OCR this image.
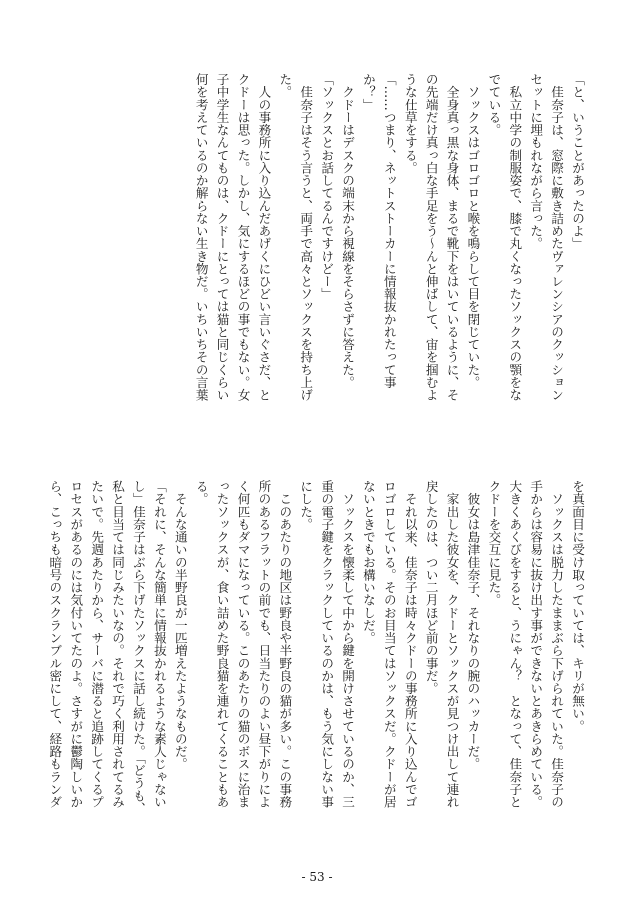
「と、いうことがあったのよ」
　佳奈子は、窓際に敷き詰めたヴァレンシアのクッション
セットに埋もれながら言った。
　私立中学の制服姿で、膝で丸くなったソックスの顎をな
でている。
　ソックスはゴロゴロと喉を鳴らして目を閉じていた。
　全身真っ黒な身体、まるで靴下をはいているように、そ
の先端だけ真っ白な手足をう～んと伸ばして、宙を掴むよ
うな仕草をする。
「……つまり、ネットストーカーに情報抜かれたって事
か？」
　クドーはデスクの端末から視線をそらさずに答えた。
「ソックスとお話してるんですけどー」
　佳奈子はそう言うと、両手で高々とソックスを持ち上げ
た。
　人の事務所に入り込んだあげくにひどい言いぐさだ、と
クドーは思った。しかし、気にするほどの事でもない。女
子中学生なんてものは、クドーにとっては猫と同じくらい
何を考えているのか解らない生き物だ。いちいちその言葉
を真面目に受け取っていては、キリが無い。
　ソックスは脱力したままぶら下げられていた。佳奈子の
手からは容易に抜け出す事ができないとあきらめている。
大きくあくびをすると、うにゃん？　となって、佳奈子と
クドーを交互に見た。
　彼女は島津佳奈子、それなりの腕のハッカーだ。
　家出した彼女を、クドーとソックスが見つけ出して連れ
戻したのは、つい二月ほど前の事だ。
　それ以来、佳奈子は時々クドーの事務所に入り込んでゴ
ロゴロしている。そのお目当てはソックスだ。クドーが居
ないときでもお構いなしだ。
　ソックスを懐柔して中から鍵を開けさせているのか、三
重の電子鍵をクラックしているのかは、もう気にしない事
にした。
　このあたりの地区は野良や半野良の猫が多い。この事務
所のあるフラットの前でも、日当たりのよい昼下がりによ
く何匹もダマになっている。このあたりの猫のボスに治ま
ったソックスが、食い詰めた野良猫を連れてくることもあ
る。
　そんな通いの半野良が一匹増えたようなものだ。
「それに、そんな簡単に情報抜かれるような素人じゃない
し」佳奈子はぶら下げたソックスに話し続けた。「どうも、
私と目当ては同じみたいなの。それで巧く利用されてるみ
たいで。先週あたりから、サーバに潜ると追跡してくるプ
ロセスがあるのには気付いてたのよ。さすがに鬱陶しいか
ら、こっちも暗号のスクランブル密にして、経路もランダ
- 53 -
